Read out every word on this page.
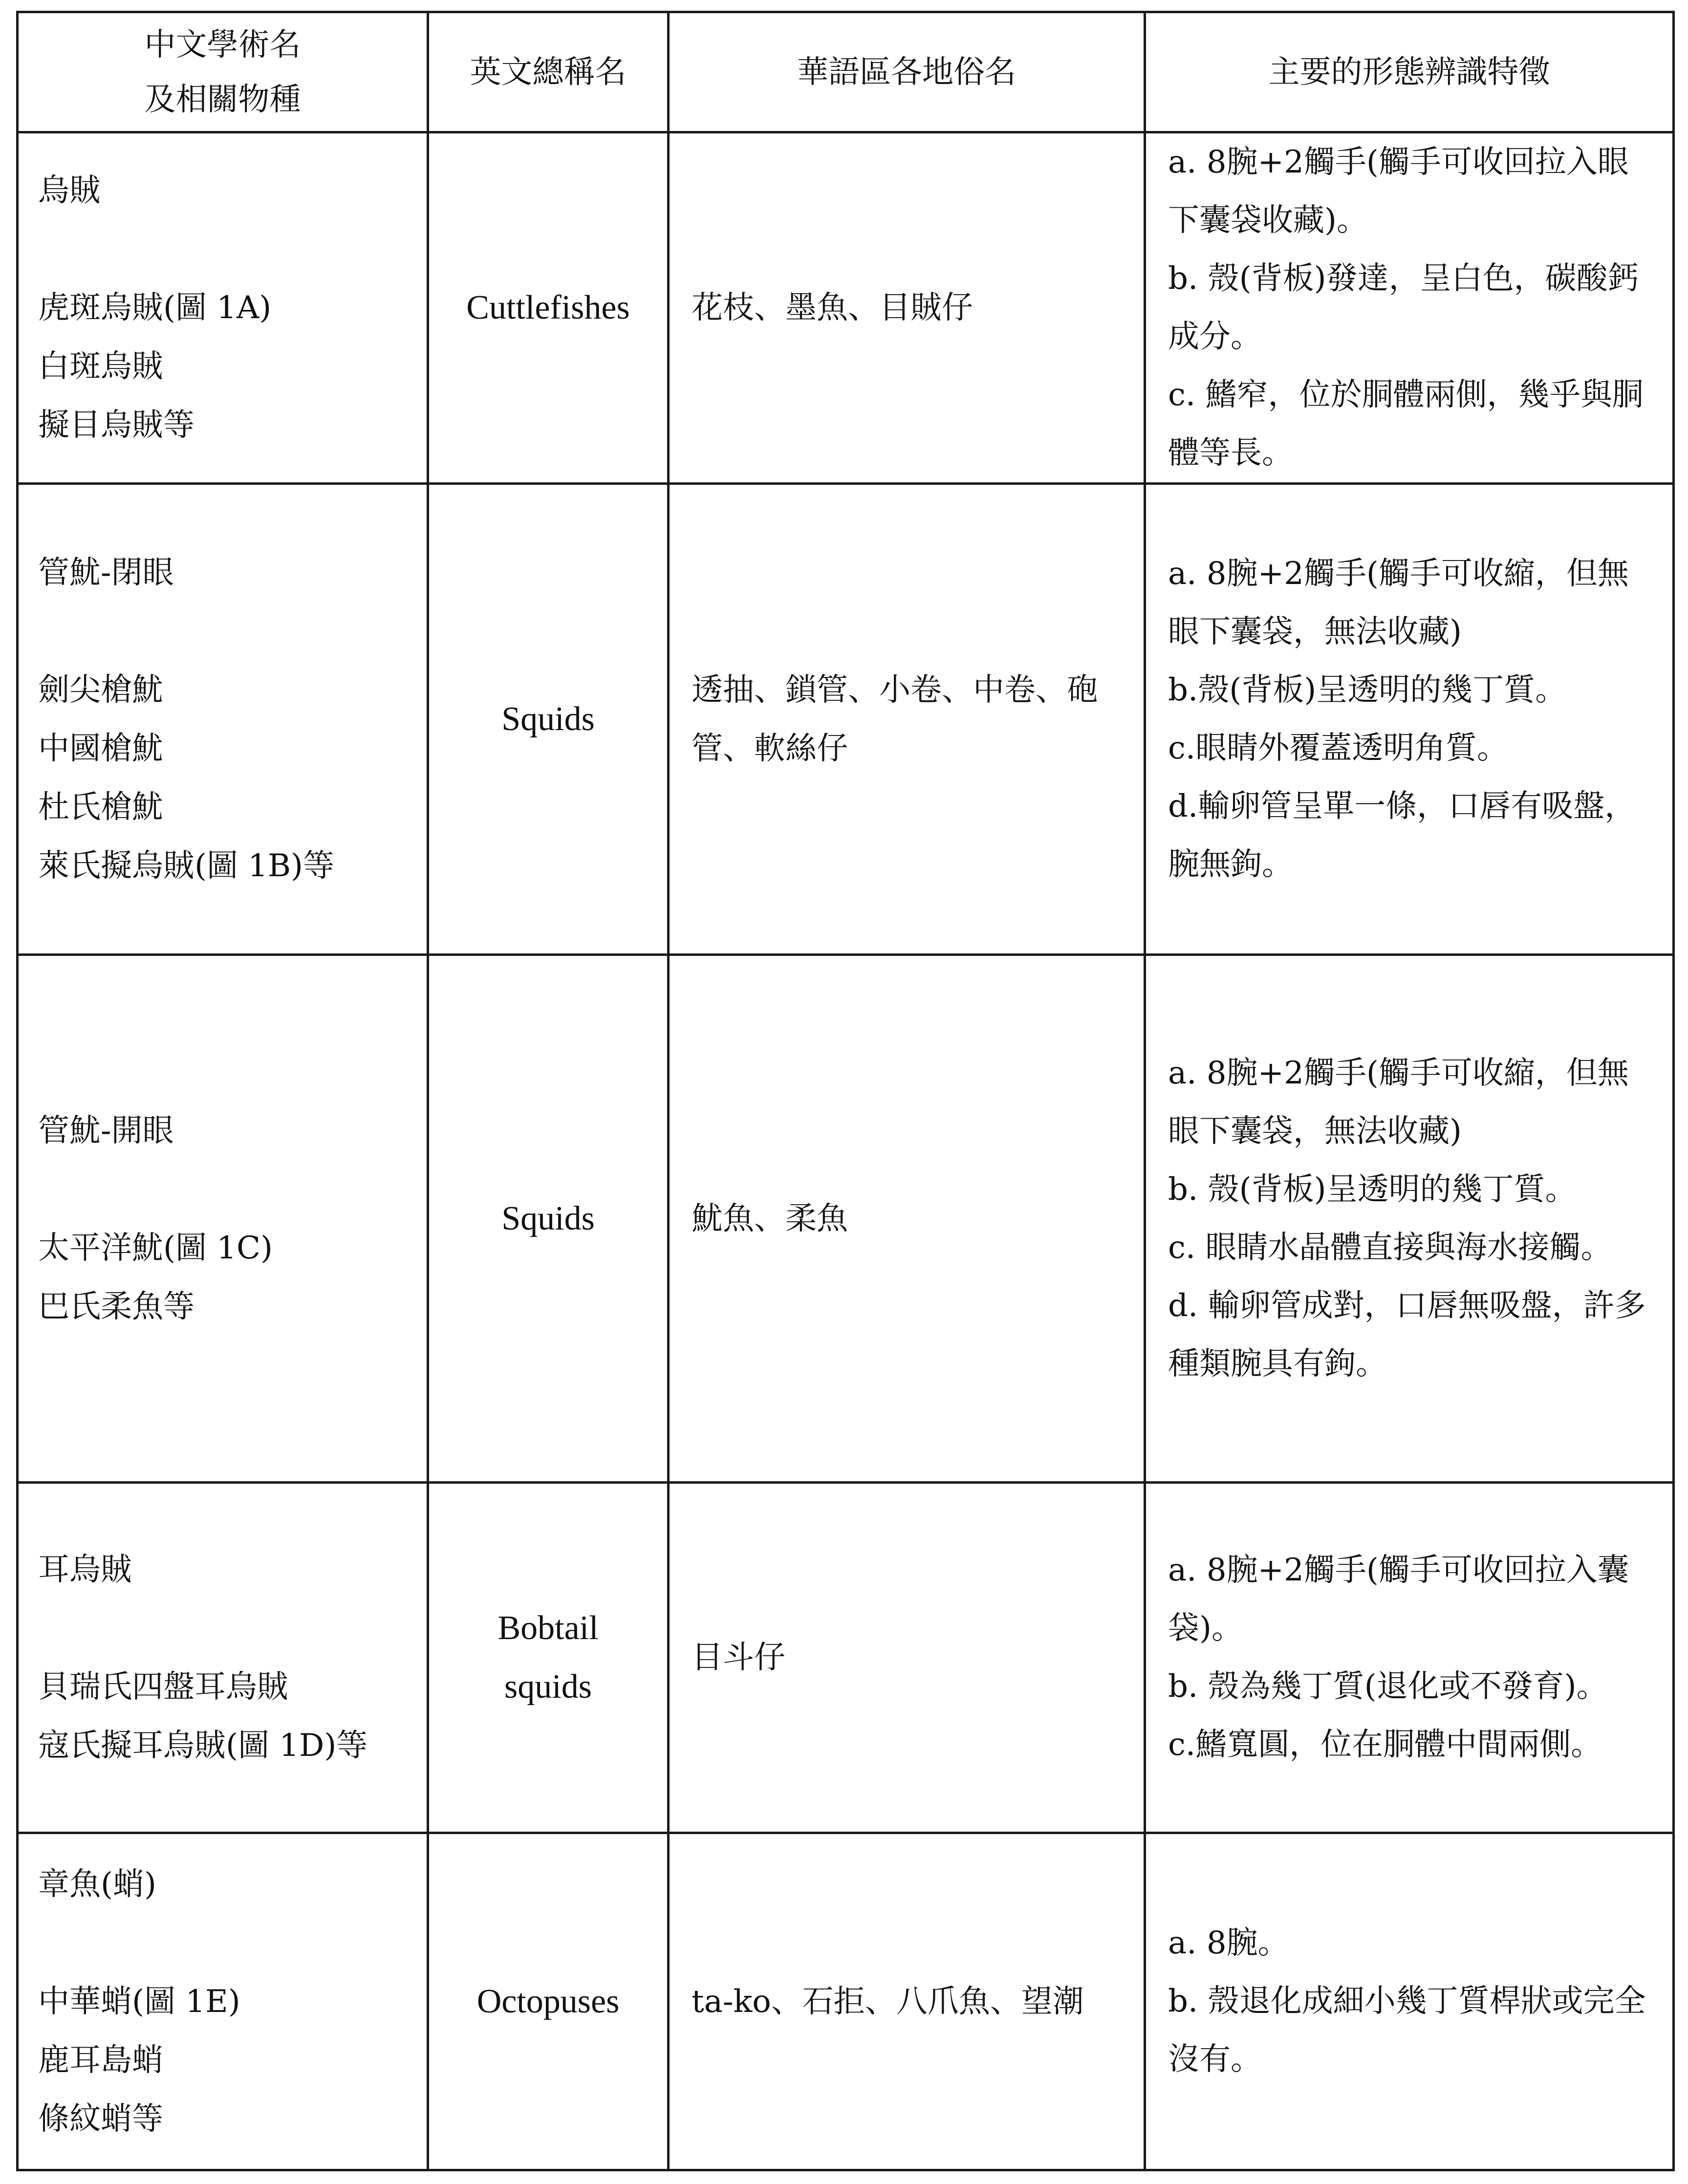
中文學術名
及相關物種	英文總稱名	華語區各地俗名	主要的形態辨識特徵

烏賊
虎斑烏賊(圖 1A)
白斑烏賊
擬目烏賊等	Cuttlefishes	花枝、墨魚、目賊仔	a. 8腕+2觸手(觸手可收回拉入眼下囊袋收藏)。
b. 殼(背板)發達，呈白色，碳酸鈣成分。
c. 鰭窄，位於胴體兩側，幾乎與胴體等長。

管魷-閉眼
劍尖槍魷
中國槍魷
杜氏槍魷
萊氏擬烏賊(圖 1B)等	Squids	透抽、鎖管、小卷、中卷、砲管、軟絲仔	a. 8腕+2觸手(觸手可收縮，但無眼下囊袋，無法收藏)
b.殼(背板)呈透明的幾丁質。
c.眼睛外覆蓋透明角質。
d.輸卵管呈單一條，口唇有吸盤，腕無鉤。

管魷-開眼
太平洋魷(圖 1C)
巴氏柔魚等	Squids	魷魚、柔魚	a. 8腕+2觸手(觸手可收縮，但無眼下囊袋，無法收藏)
b. 殼(背板)呈透明的幾丁質。
c. 眼睛水晶體直接與海水接觸。
d. 輸卵管成對，口唇無吸盤，許多種類腕具有鉤。

耳烏賊
貝瑞氏四盤耳烏賊
寇氏擬耳烏賊(圖 1D)等	Bobtail
squids	目斗仔	a. 8腕+2觸手(觸手可收回拉入囊袋)。
b. 殼為幾丁質(退化或不發育)。
c.鰭寬圓，位在胴體中間兩側。

章魚(蛸)
中華蛸(圖 1E)
鹿耳島蛸
條紋蛸等	Octopuses	ta-ko、石拒、八爪魚、望潮	a. 8腕。
b. 殼退化成細小幾丁質桿狀或完全沒有。
